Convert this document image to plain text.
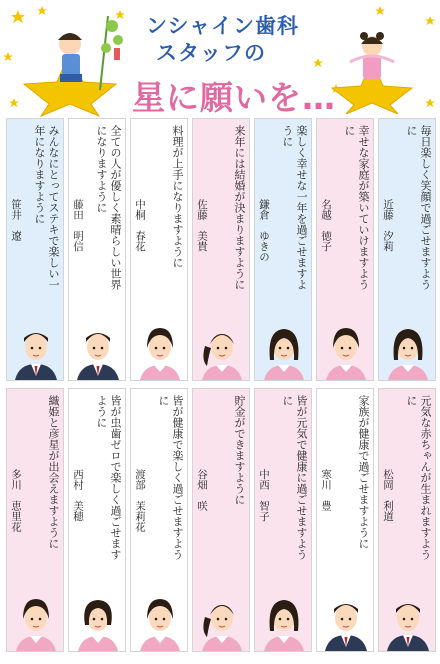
ンシャイン歯科
スタッフの
星に願いを…
みんなにとってステキで楽しい一年になりますように
笹井　遼	全ての人が優しく素晴らしい世界になりますように
藤田　明信	料理が上手になりますように
中桐　春花	来年には結婚が決まりますように
佐藤　美貴	楽しく幸せな一年を過ごせますように
鎌倉　ゆきの	幸せな家庭が築いていけますように
名越　徳子	毎日楽しく笑顔で過ごせますように
近藤　汐莉
織姫と彦星が出会えますように
多川　恵里花	皆が虫歯ゼロで楽しく過ごせますように
西村　美穂	皆が健康で楽しく過ごせますように
渡部　茉莉花	貯金ができますように
谷畑　咲	皆が元気で健康に過ごせますように
中西　智子	家族が健康で過ごせますように
寒川　豊	元気な赤ちゃんが生まれますように
松岡　利道
